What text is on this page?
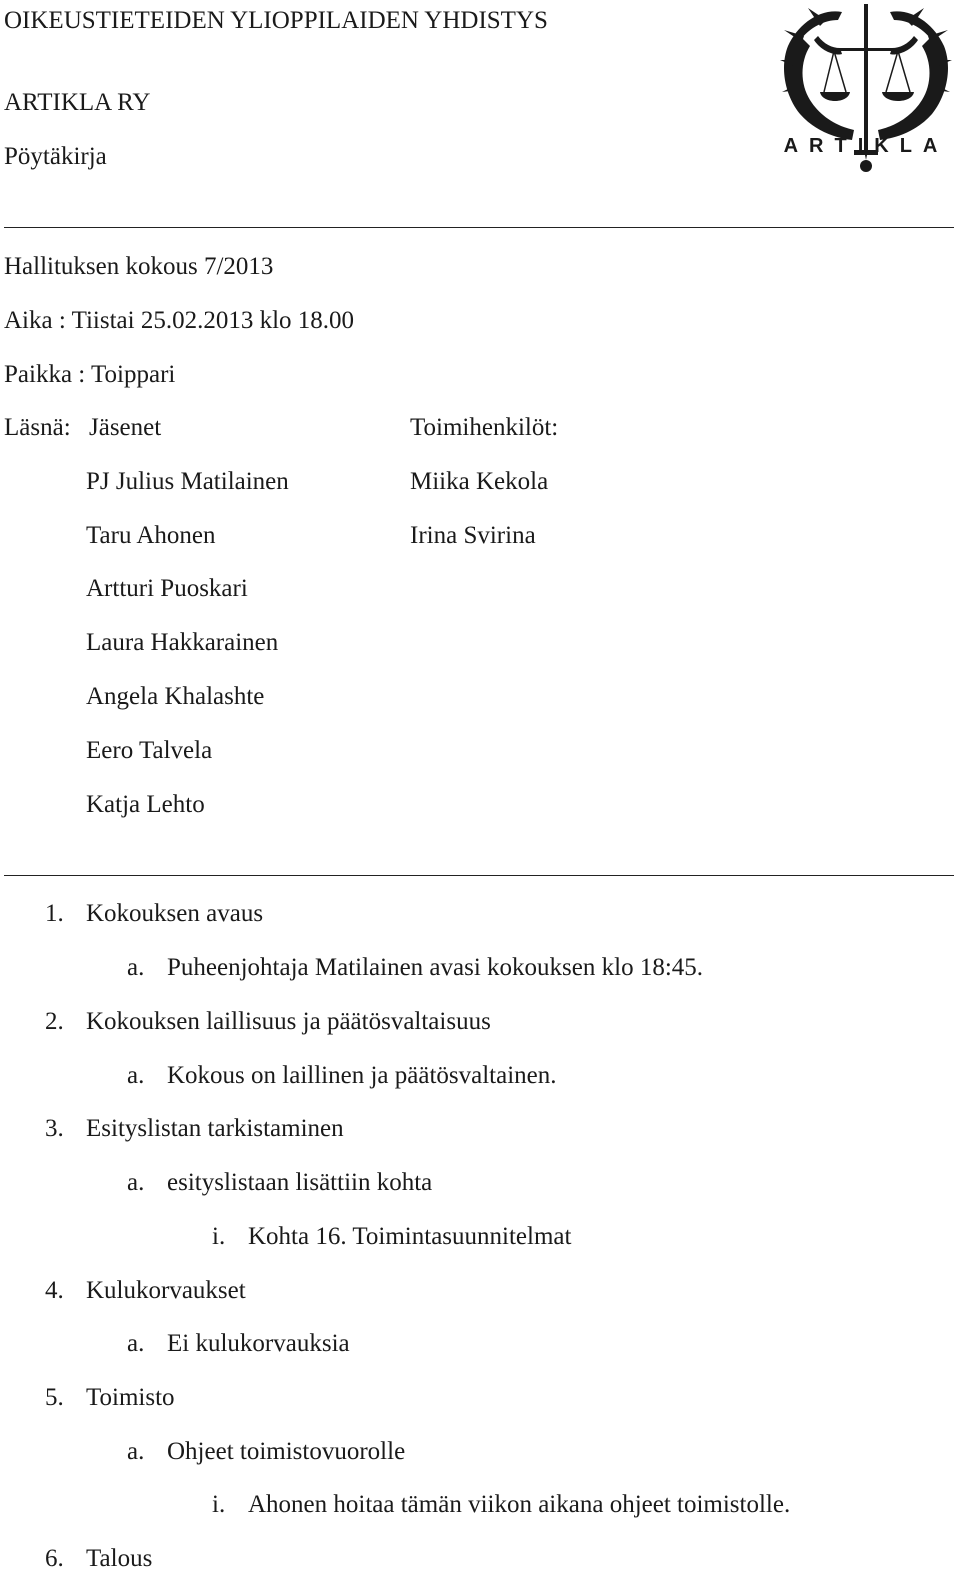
OIKEUSTIETEIDEN YLIOPPILAIDEN YHDISTYS
ARTIKLA RY
Pöytäkirja	ARTIKLA
Hallituksen kokous 7/2013
Aika : Tiistai 25.02.2013 klo 18.00
Paikka : Toippari
Läsnä: Jäsenet	Toimihenkilöt:
PJ Julius Matilainen
Taru Ahonen
Artturi Puoskari
Laura Hakkarainen
Angela Khalashte
Eero Talvela
Katja Lehto
Miika Kekola
Irina Svirina
1. Kokouksen avaus
a. Puheenjohtaja Matilainen avasi kokouksen klo 18:45.
2. Kokouksen laillisuus ja päätösvaltaisuus
a. Kokous on laillinen ja päätösvaltainen.
3. Esityslistan tarkistaminen
a. esityslistaan lisättiin kohta
i. Kohta 16. Toimintasuunnitelmat
4. Kulukorvaukset
a. Ei kulukorvauksia
5. Toimisto
a. Ohjeet toimistovuorolle
i. Ahonen hoitaa tämän viikon aikana ohjeet toimistolle.
6. Talous
